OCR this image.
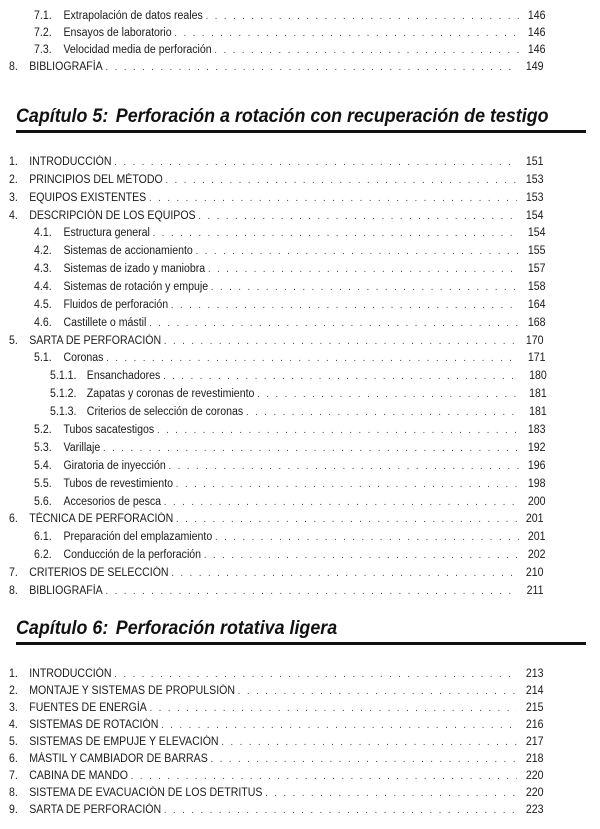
7.1.	Extrapolación de datos reales . . .	146
7.2.	Ensayos de laboratorio . . .	146
7.3.	Velocidad media de perforación . . .	146
8. BIBLIOGRAFÍA . . .	149
Capítulo 5: Perforación a rotación con recuperación de testigo
1. INTRODUCCIÓN . . .	151
2. PRINCIPIOS DEL MÉTODO . . .	153
3. EQUIPOS EXISTENTES . . .	153
4. DESCRIPCIÓN DE LOS EQUIPOS . . .	154
4.1.	Estructura general . . .	154
4.2.	Sistemas de accionamiento . . .	155
4.3.	Sistemas de izado y maniobra . . .	157
4.4.	Sistemas de rotación y empuje . . .	158
4.5.	Fluidos de perforación . . .	164
4.6.	Castillete o mástil . . .	168
5. SARTA DE PERFORACIÓN . . .	170
5.1.	Coronas . . .	171
5.1.1. Ensanchadores . . .	180
5.1.2. Zapatas y coronas de revestimiento . . .	181
5.1.3. Criterios de selección de coronas . . .	181
5.2.	Tubos sacatestigos . . .	183
5.3.	Varillaje . . .	192
5.4.	Giratoria de inyección . . .	196
5.5.	Tubos de revestimiento . . .	198
5.6.	Accesorios de pesca . . .	200
6. TÉCNICA DE PERFORACIÓN . . .	201
6.1.	Preparación del emplazamiento . . .	201
6.2.	Conducción de la perforación . . .	202
7. CRITERIOS DE SELECCIÓN . . .	210
8. BIBLIOGRAFÍA . . .	211
Capítulo 6: Perforación rotativa ligera
1. INTRODUCCIÓN . . .	213
2. MONTAJE Y SISTEMAS DE PROPULSIÓN . . .	214
3. FUENTES DE ENERGÍA . . .	215
4. SISTEMAS DE ROTACIÓN . . .	216
5. SISTEMAS DE EMPUJE Y ELEVACIÓN . . .	217
6. MÁSTIL Y CAMBIADOR DE BARRAS . . .	218
7. CABINA DE MANDO . . .	220
8. SISTEMA DE EVACUACIÓN DE LOS DETRITUS . . .	220
9. SARTA DE PERFORACIÓN . . .	223
